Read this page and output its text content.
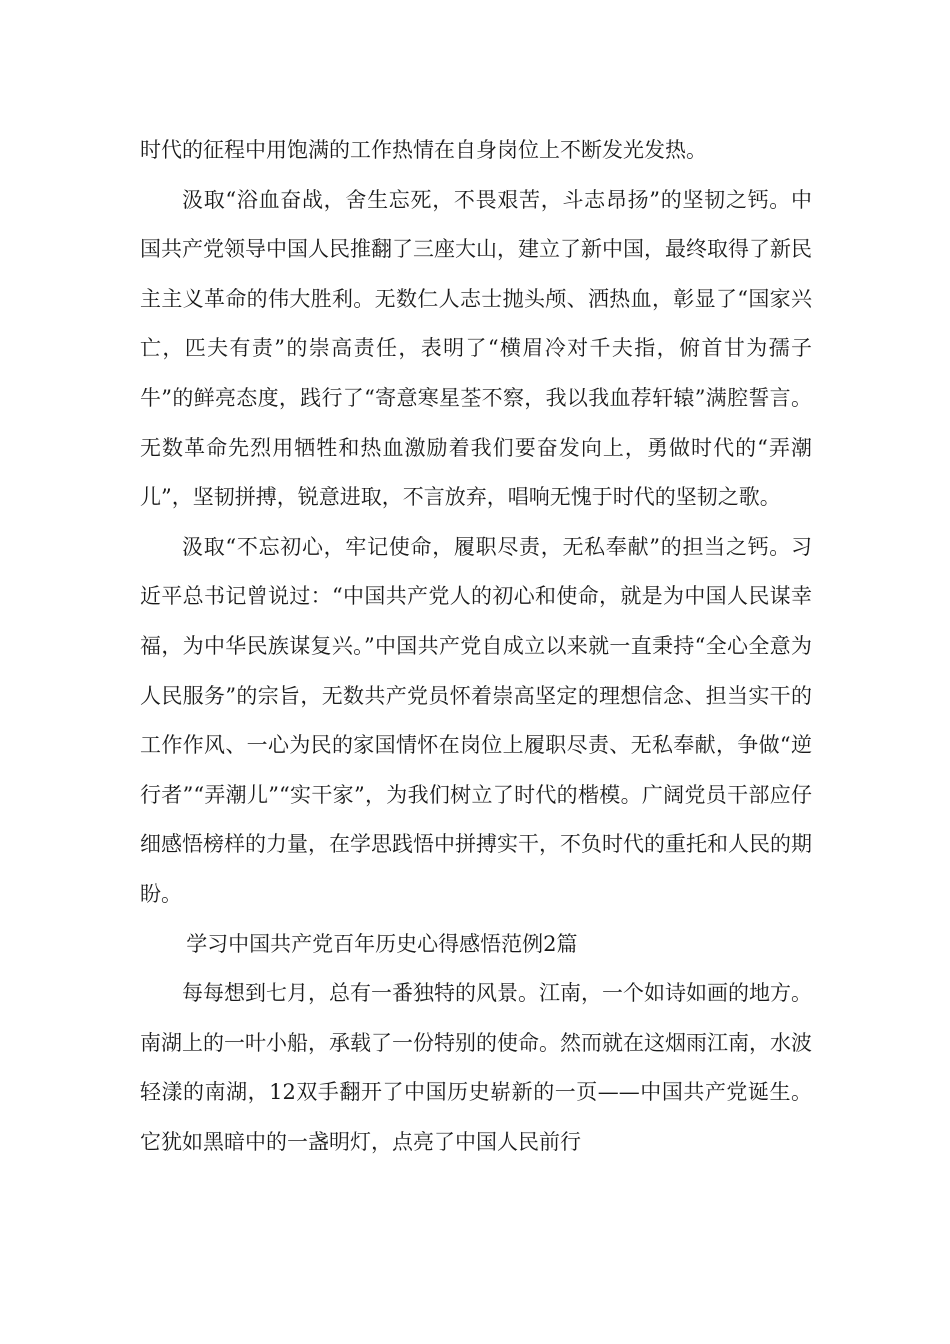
时代的征程中用饱满的工作热情在自身岗位上不断发光发热。

汲取“浴血奋战，舍生忘死，不畏艰苦，斗志昂扬”的坚韧之钙。中国共产党领导中国人民推翻了三座大山，建立了新中国，最终取得了新民主主义革命的伟大胜利。无数仁人志士抛头颅、洒热血，彰显了“国家兴亡，匹夫有责”的崇高责任，表明了“横眉冷对千夫指，俯首甘为孺子牛”的鲜亮态度，践行了“寄意寒星荃不察，我以我血荐轩辕”满腔誓言。无数革命先烈用牺牲和热血激励着我们要奋发向上，勇做时代的“弄潮儿”，坚韧拼搏，锐意进取，不言放弃，唱响无愧于时代的坚韧之歌。

汲取“不忘初心，牢记使命，履职尽责，无私奉献”的担当之钙。习近平总书记曾说过：“中国共产党人的初心和使命，就是为中国人民谋幸福，为中华民族谋复兴。”中国共产党自成立以来就一直秉持“全心全意为人民服务”的宗旨，无数共产党员怀着崇高坚定的理想信念、担当实干的工作作风、一心为民的家国情怀在岗位上履职尽责、无私奉献，争做“逆行者”“弄潮儿”“实干家”，为我们树立了时代的楷模。广阔党员干部应仔细感悟榜样的力量，在学思践悟中拼搏实干，不负时代的重托和人民的期盼。

学习中国共产党百年历史心得感悟范例2篇

每每想到七月，总有一番独特的风景。江南，一个如诗如画的地方。南湖上的一叶小船，承载了一份特别的使命。然而就在这烟雨江南，水波轻漾的南湖，12双手翻开了中国历史崭新的一页——中国共产党诞生。它犹如黑暗中的一盏明灯，点亮了中国人民前行
